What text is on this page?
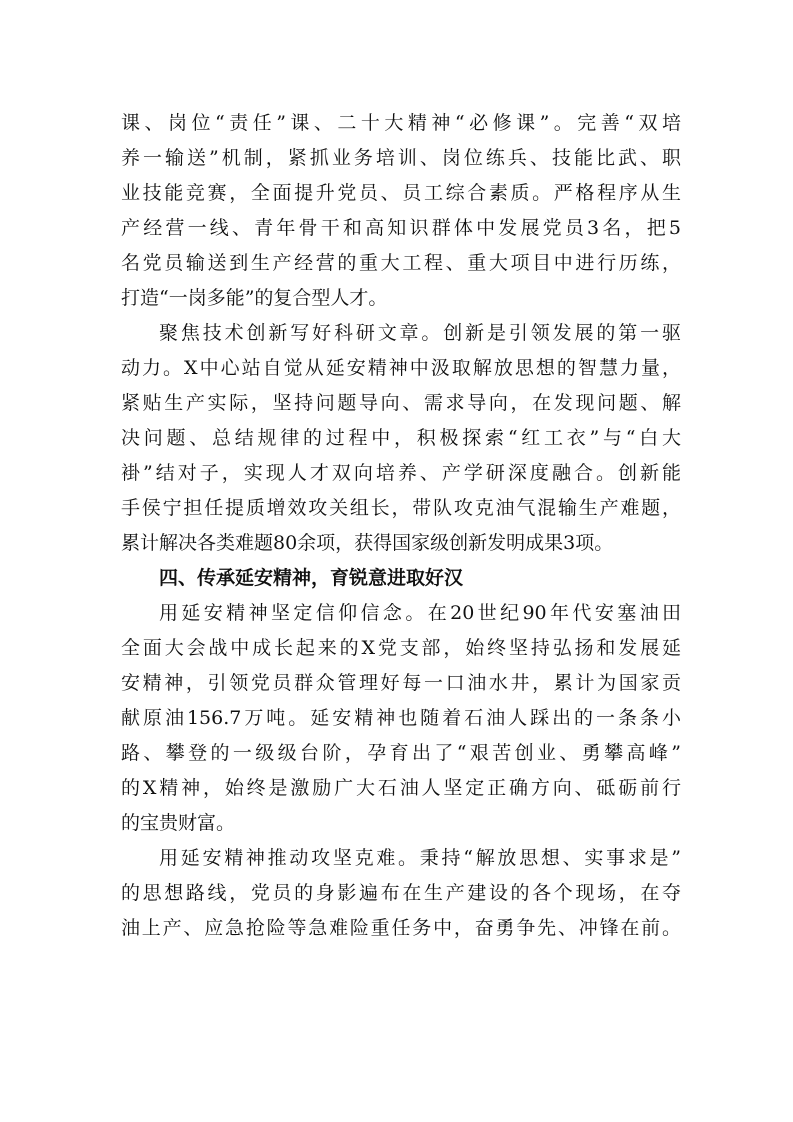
课、岗位“责任”课、二十大精神“必修课”。完善“双培
养一输送”机制，紧抓业务培训、岗位练兵、技能比武、职
业技能竞赛，全面提升党员、员工综合素质。严格程序从生
产经营一线、青年骨干和高知识群体中发展党员3名，把5
名党员输送到生产经营的重大工程、重大项目中进行历练，
打造“一岗多能”的复合型人才。
聚焦技术创新写好科研文章。创新是引领发展的第一驱
动力。X中心站自觉从延安精神中汲取解放思想的智慧力量，
紧贴生产实际，坚持问题导向、需求导向，在发现问题、解
决问题、总结规律的过程中，积极探索“红工衣”与“白大
褂”结对子，实现人才双向培养、产学研深度融合。创新能
手侯宁担任提质增效攻关组长，带队攻克油气混输生产难题，
累计解决各类难题80余项，获得国家级创新发明成果3项。
四、传承延安精神，育锐意进取好汉
用延安精神坚定信仰信念。在20世纪90年代安塞油田
全面大会战中成长起来的X党支部，始终坚持弘扬和发展延
安精神，引领党员群众管理好每一口油水井，累计为国家贡
献原油156.7万吨。延安精神也随着石油人踩出的一条条小
路、攀登的一级级台阶，孕育出了“艰苦创业、勇攀高峰”
的X精神，始终是激励广大石油人坚定正确方向、砥砺前行
的宝贵财富。
用延安精神推动攻坚克难。秉持“解放思想、实事求是”
的思想路线，党员的身影遍布在生产建设的各个现场，在夺
油上产、应急抢险等急难险重任务中，奋勇争先、冲锋在前。
